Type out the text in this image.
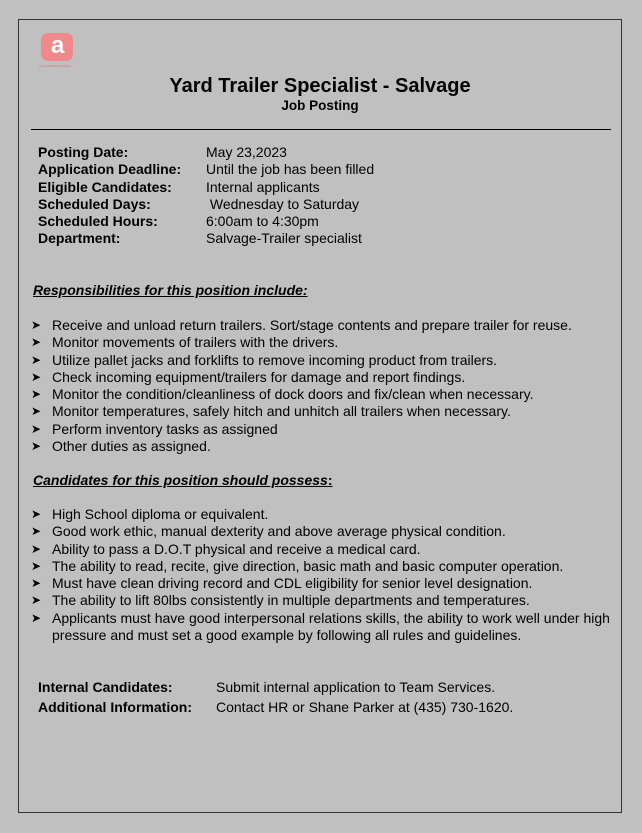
a
Associated Food Stores
Yard Trailer Specialist - Salvage
Job Posting
Posting Date:	May 23,2023
Application Deadline:	Until the job has been filled
Eligible Candidates:	Internal applicants
Scheduled Days:	Wednesday to Saturday
Scheduled Hours:	6:00am to 4:30pm
Department:	Salvage-Trailer specialist
Responsibilities for this position include:
➤ Receive and unload return trailers. Sort/stage contents and prepare trailer for reuse.
➤ Monitor movements of trailers with the drivers.
➤ Utilize pallet jacks and forklifts to remove incoming product from trailers.
➤ Check incoming equipment/trailers for damage and report findings.
➤ Monitor the condition/cleanliness of dock doors and fix/clean when necessary.
➤ Monitor temperatures, safely hitch and unhitch all trailers when necessary.
➤ Perform inventory tasks as assigned
➤ Other duties as assigned.
Candidates for this position should possess:
➤ High School diploma or equivalent.
➤ Good work ethic, manual dexterity and above average physical condition.
➤ Ability to pass a D.O.T physical and receive a medical card.
➤ The ability to read, recite, give direction, basic math and basic computer operation.
➤ Must have clean driving record and CDL eligibility for senior level designation.
➤ The ability to lift 80lbs consistently in multiple departments and temperatures.
➤ Applicants must have good interpersonal relations skills, the ability to work well under high pressure and must set a good example by following all rules and guidelines.
Internal Candidates:	Submit internal application to Team Services.
Additional Information:	Contact HR or Shane Parker at (435) 730-1620.
